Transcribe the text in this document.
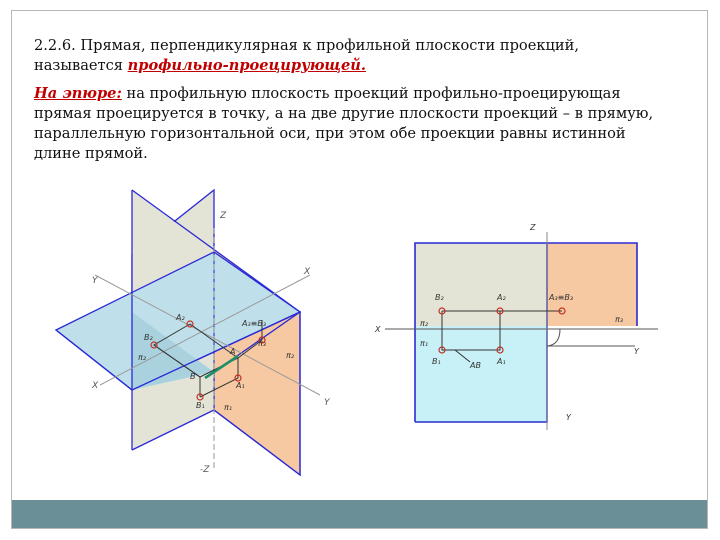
2.2.6. Прямая, перпендикулярная к профильной плоскости проекций,
называется профильно-проецирующей.

На эпюре: на профильную плоскость проекций профильно-проецирующая прямая проецируется в точку, а на две другие плоскости проекций – в прямую, параллельную горизонтальной оси, при этом обе проекции равны истинной длине прямой.

Z
X
Y
X
Y
-Z
A₂
A₃≡B₃
B₂
π₃
π₂	π₂
B
A
A₁
B₁ π₁
Z
X
Y
Y
B₂	A₂	A₃≡B₃
π₃
π₂
π₁
B₁	A₁
AB
